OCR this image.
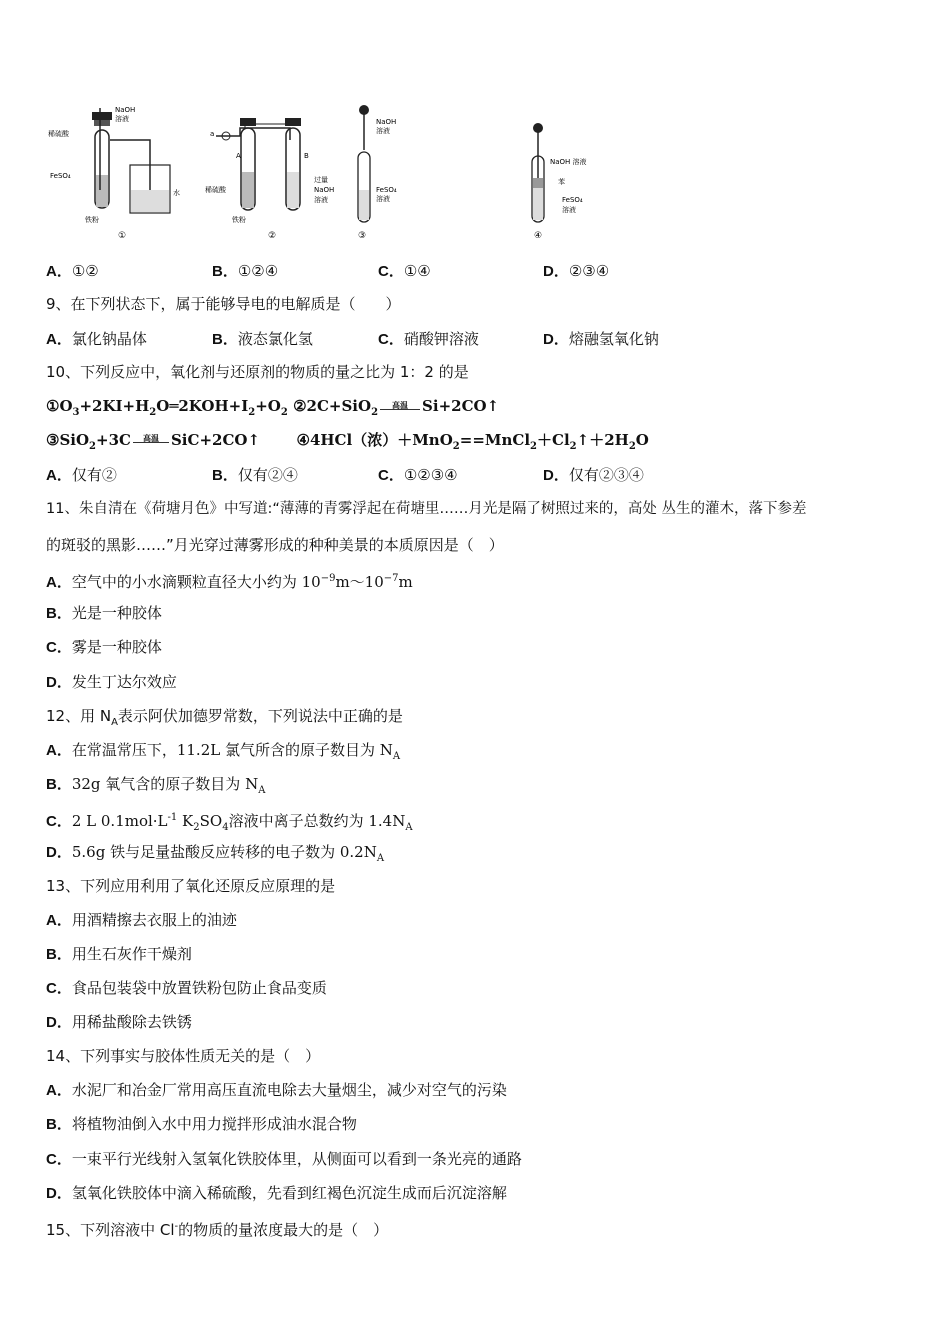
NaOH
溶液
稀硫酸
FeSO₄
水
铁粉
①
a
A	B
稀硫酸
过量
NaOH
溶液
铁粉
②
NaOH
溶液
FeSO₄
溶液
③
NaOH 溶液
苯
FeSO₄
溶液
④
A．①②	B．①②④	C．①④	D．②③④
9、在下列状态下，属于能够导电的电解质是（　　）
A．氯化钠晶体	B．液态氯化氢	C．硝酸钾溶液	D．熔融氢氧化钠
10、下列反应中，氧化剂与还原剂的物质的量之比为 1：2 的是
$①O_3+2KI+H_2O═2KOH+I_2+O_2$ ②2C+SiO$_2$
高温 Si+2CO↑
③SiO$_2$+3C	高温 SiC+2CO↑ ④4HCl（浓）$+MnO_2==MnCl_2+Cl_2↑+2H_2O$
A．仅有②	B．仅有②④	C．①②③④	D．仅有②③④
11、朱自清在《荷塘月色》中写道:“薄薄的青雾浮起在荷塘里……月光是隔了树照过来的，高处 丛生的灌木，落下参差
的斑驳的黑影……”月光穿过薄雾形成的种种美景的本质原因是（　）
A．空气中的小水滴颗粒直径大小约为 $10^{-9}m\sim 10^{-7}m$
B．光是一种胶体
C．雾是一种胶体
D．发生丁达尔效应
12、用 $N_A$表示阿伏加德罗常数，下列说法中正确的是
A．在常温常压下，11.2L 氯气所含的原子数目为 $N_A$
B．32g 氧气含的原子数目为 $N_A$
C．2 L $0.1mol\cdot L^{-1}$ $K_2SO_4$溶液中离子总数约为 $1.4N_A$
D．5.6g 铁与足量盐酸反应转移的电子数为 $0.2N_A$
13、下列应用利用了氧化还原反应原理的是
A．用酒精擦去衣服上的油迹
B．用生石灰作干燥剂
C．食品包装袋中放置铁粉包防止食品变质
D．用稀盐酸除去铁锈
14、下列事实与胶体性质无关的是（　）
A．水泥厂和冶金厂常用高压直流电除去大量烟尘，减少对空气的污染
B．将植物油倒入水中用力搅拌形成油水混合物
C．一束平行光线射入氢氧化铁胶体里，从侧面可以看到一条光亮的通路
D．氢氧化铁胶体中滴入稀硫酸，先看到红褐色沉淀生成而后沉淀溶解
15、下列溶液中 Cl-的物质的量浓度最大的是（　）
